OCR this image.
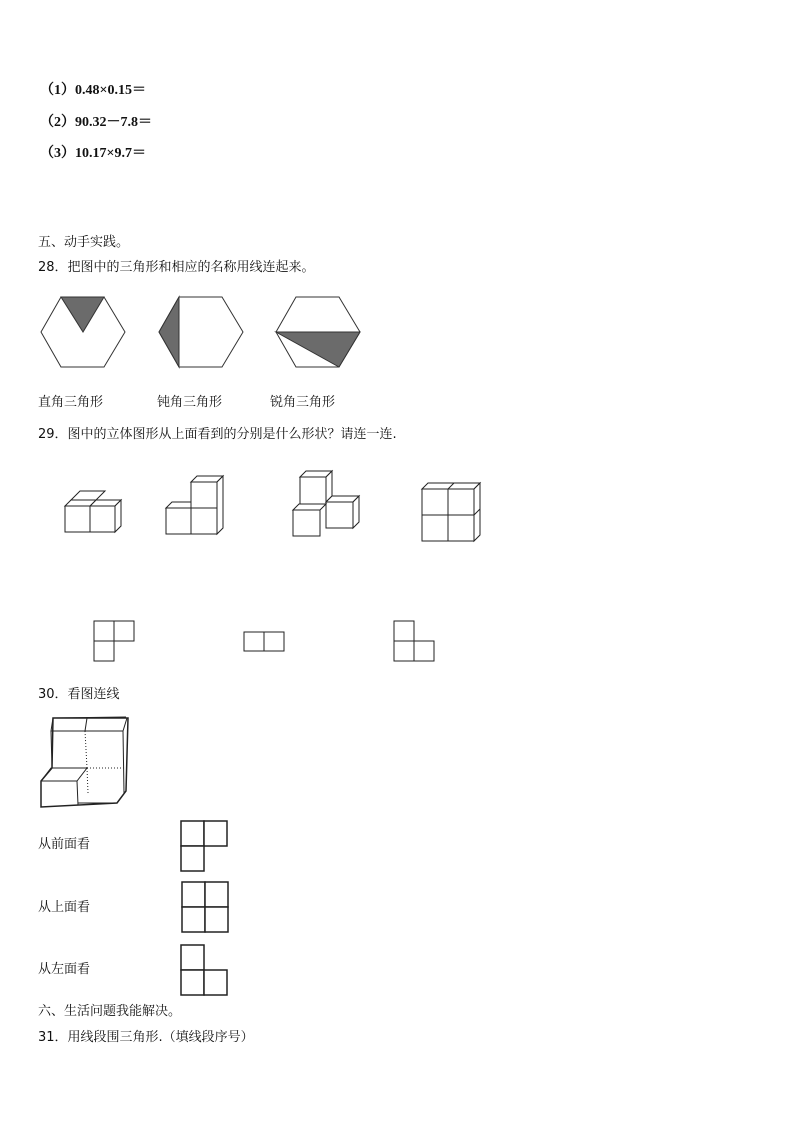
（1）0.48×0.15＝
（2）90.32－7.8＝
（3）10.17×9.7＝
五、动手实践。
28．把图中的三角形和相应的名称用线连起来。
直角三角形	钝角三角形	锐角三角形
29．图中的立体图形从上面看到的分别是什么形状？请连一连.
30．看图连线
从前面看
从上面看
从左面看
六、生活问题我能解决。
31．用线段围三角形.（填线段序号）
